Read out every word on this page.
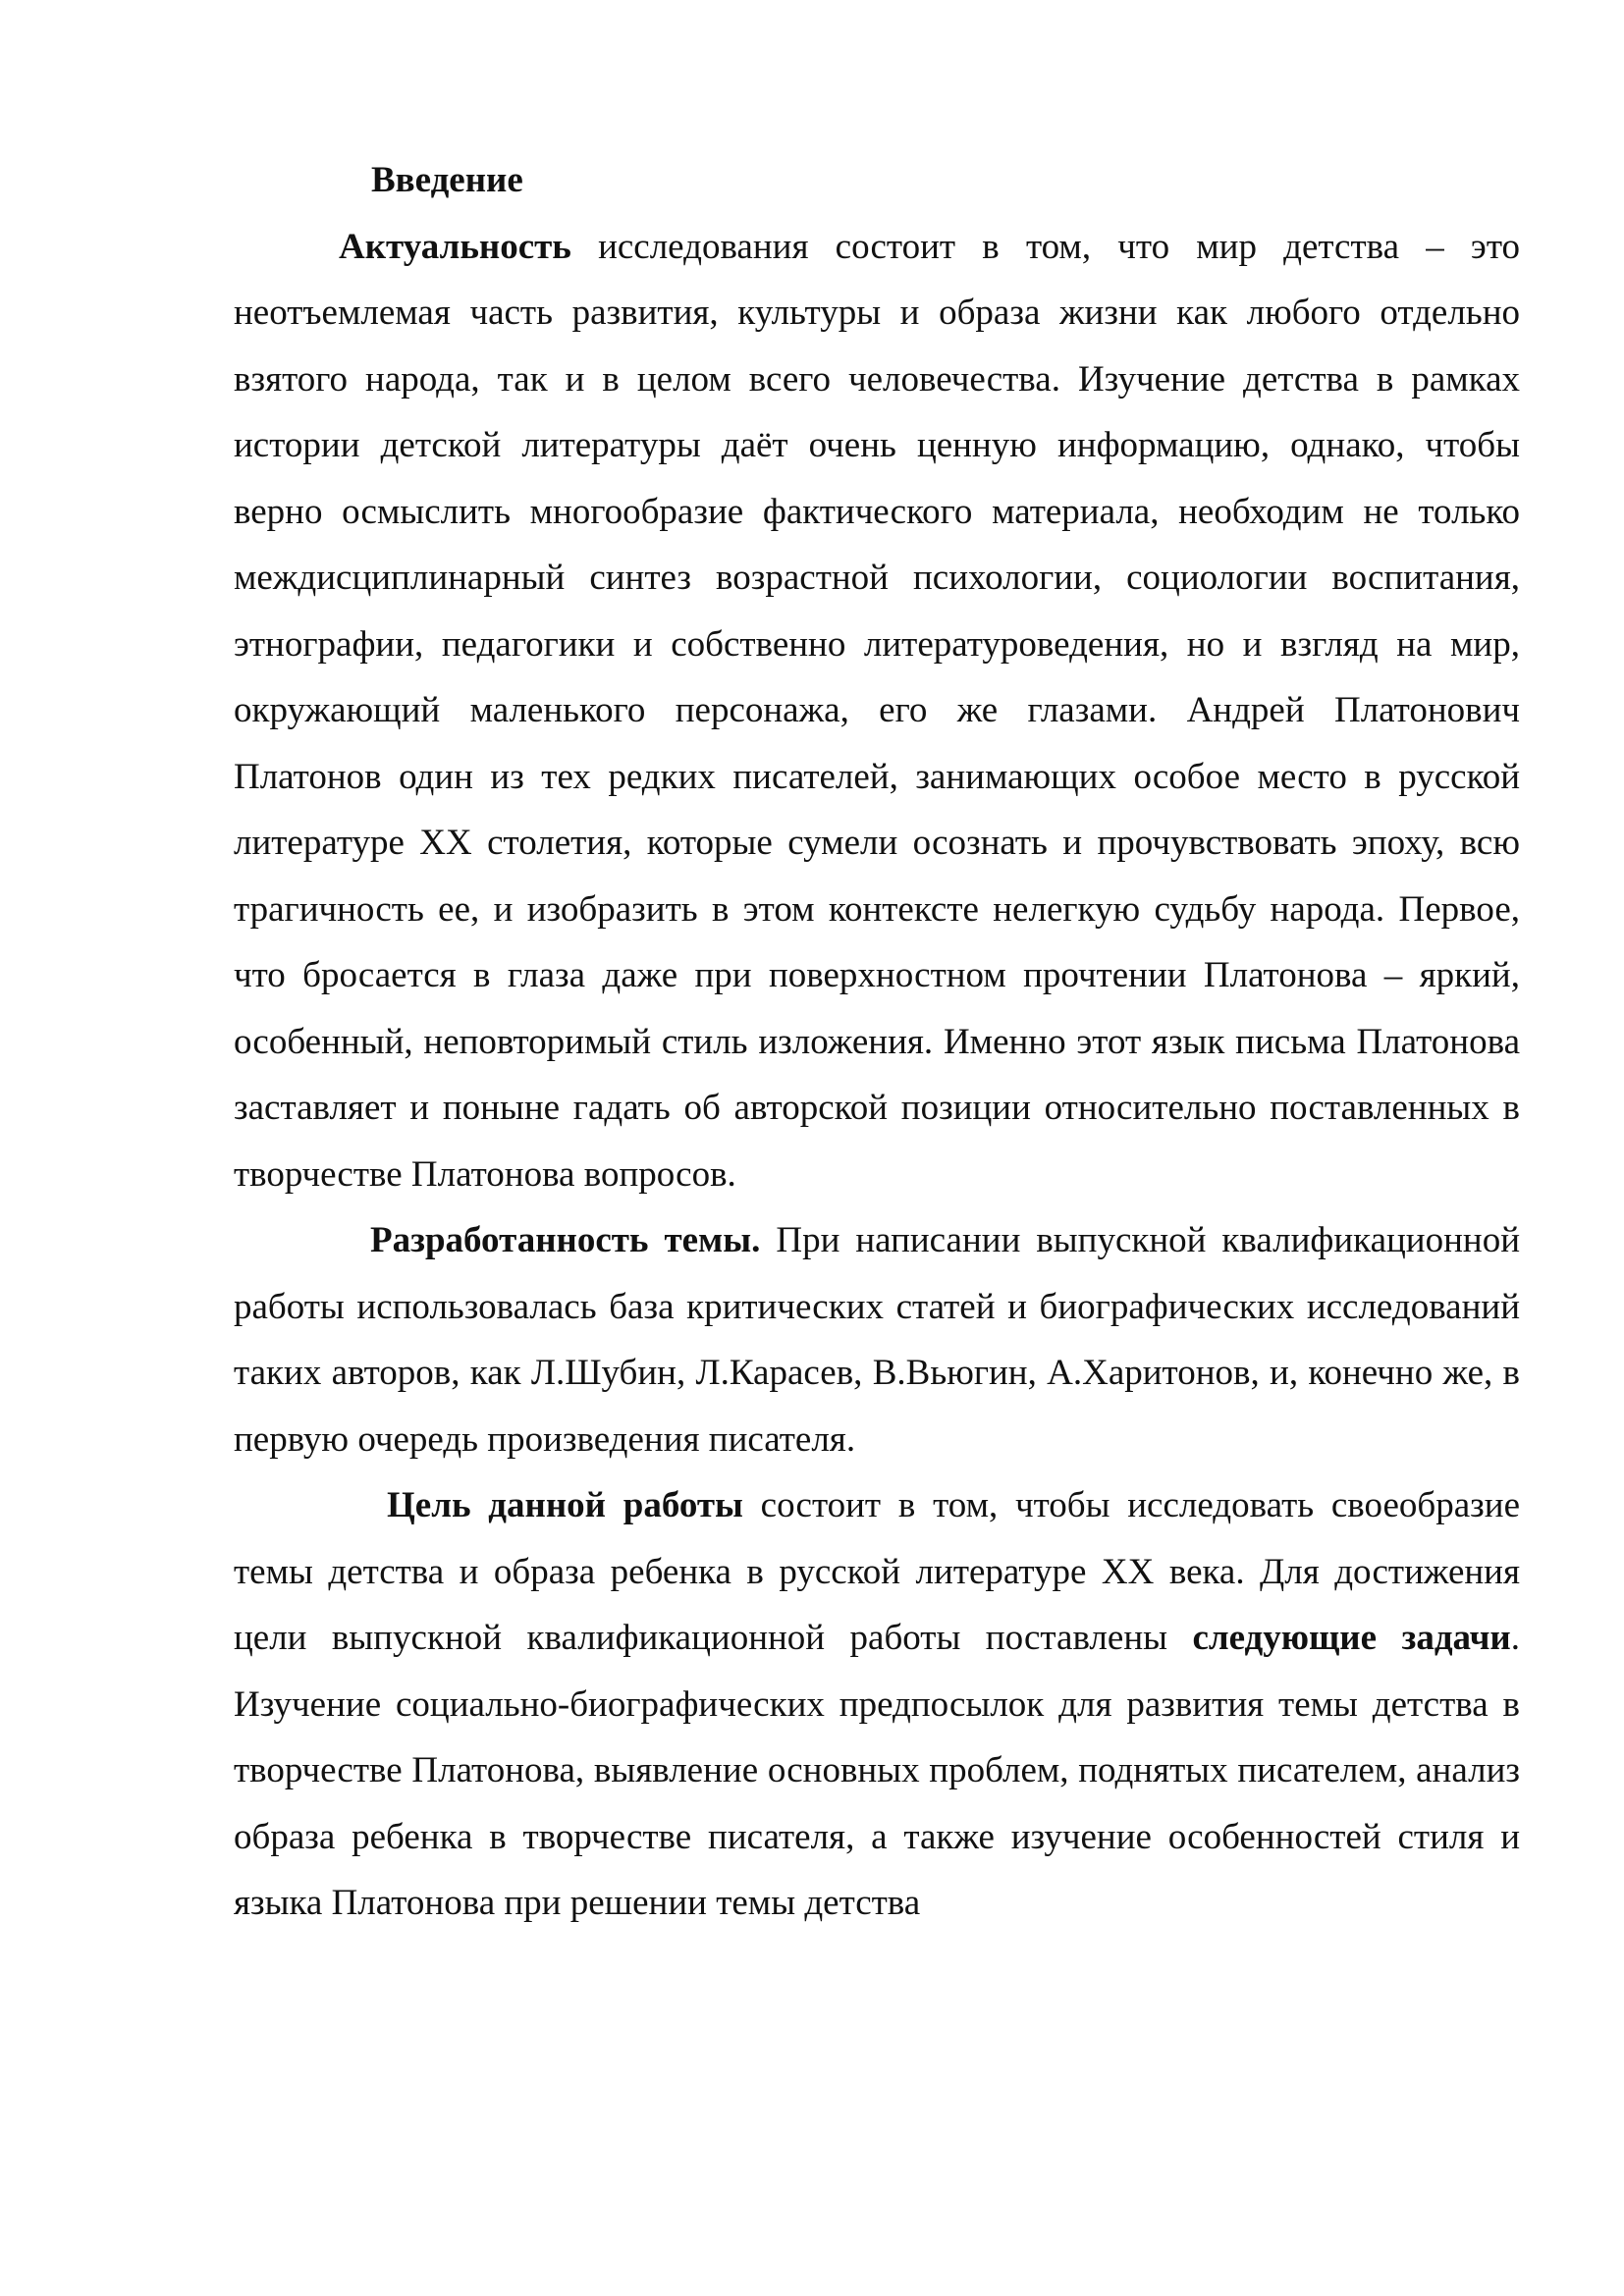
Введение

Актуальность исследования состоит в том, что мир детства – это неотъемлемая часть развития, культуры и образа жизни как любого отдельно взятого народа, так и в целом всего человечества. Изучение детства в рамках истории детской литературы даёт очень ценную информацию, однако, чтобы верно осмыслить многообразие фактического материала, необходим не только междисциплинарный синтез возрастной психологии, социологии воспитания, этнографии, педагогики и собственно литературоведения, но и взгляд на мир, окружающий маленького персонажа, его же глазами. Андрей Платонович Платонов один из тех редких писателей, занимающих особое место в русской литературе XX столетия, которые сумели осознать и прочувствовать эпоху, всю трагичность ее, и изобразить в этом контексте нелегкую судьбу народа. Первое, что бросается в глаза даже при поверхностном прочтении Платонова – яркий, особенный, неповторимый стиль изложения. Именно этот язык письма Платонова заставляет и поныне гадать об авторской позиции относительно поставленных в творчестве Платонова вопросов.

Разработанность темы. При написании выпускной квалификационной работы использовалась база критических статей и биографических исследований таких авторов, как Л.Шубин, Л.Карасев, В.Вьюгин, А.Харитонов, и, конечно же, в первую очередь произведения писателя.

Цель данной работы состоит в том, чтобы исследовать своеобразие темы детства и образа ребенка в русской литературе XX века. Для достижения цели выпускной квалификационной работы поставлены следующие задачи. Изучение социально-биографических предпосылок для развития темы детства в творчестве Платонова, выявление основных проблем, поднятых писателем, анализ образа ребенка в творчестве писателя, а также изучение особенностей стиля и языка Платонова при решении темы детства
